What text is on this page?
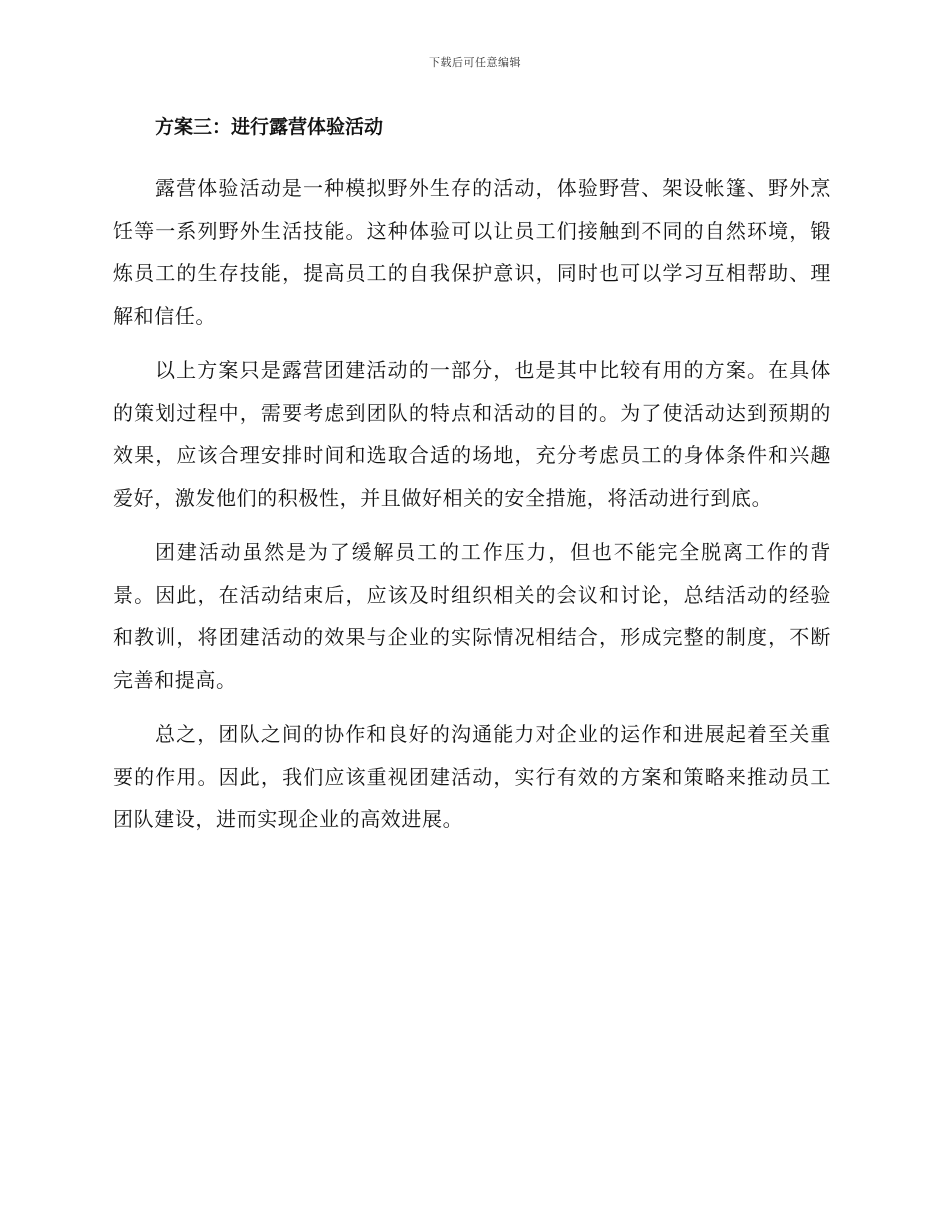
下载后可任意编辑
方案三：进行露营体验活动

露营体验活动是一种模拟野外生存的活动，体验野营、架设帐篷、野外烹饪等一系列野外生活技能。这种体验可以让员工们接触到不同的自然环境，锻炼员工的生存技能，提高员工的自我保护意识，同时也可以学习互相帮助、理解和信任。

以上方案只是露营团建活动的一部分，也是其中比较有用的方案。在具体的策划过程中，需要考虑到团队的特点和活动的目的。为了使活动达到预期的效果，应该合理安排时间和选取合适的场地，充分考虑员工的身体条件和兴趣爱好，激发他们的积极性，并且做好相关的安全措施，将活动进行到底。

团建活动虽然是为了缓解员工的工作压力，但也不能完全脱离工作的背景。因此，在活动结束后，应该及时组织相关的会议和讨论，总结活动的经验和教训，将团建活动的效果与企业的实际情况相结合，形成完整的制度，不断完善和提高。

总之，团队之间的协作和良好的沟通能力对企业的运作和进展起着至关重要的作用。因此，我们应该重视团建活动，实行有效的方案和策略来推动员工团队建设，进而实现企业的高效进展。
